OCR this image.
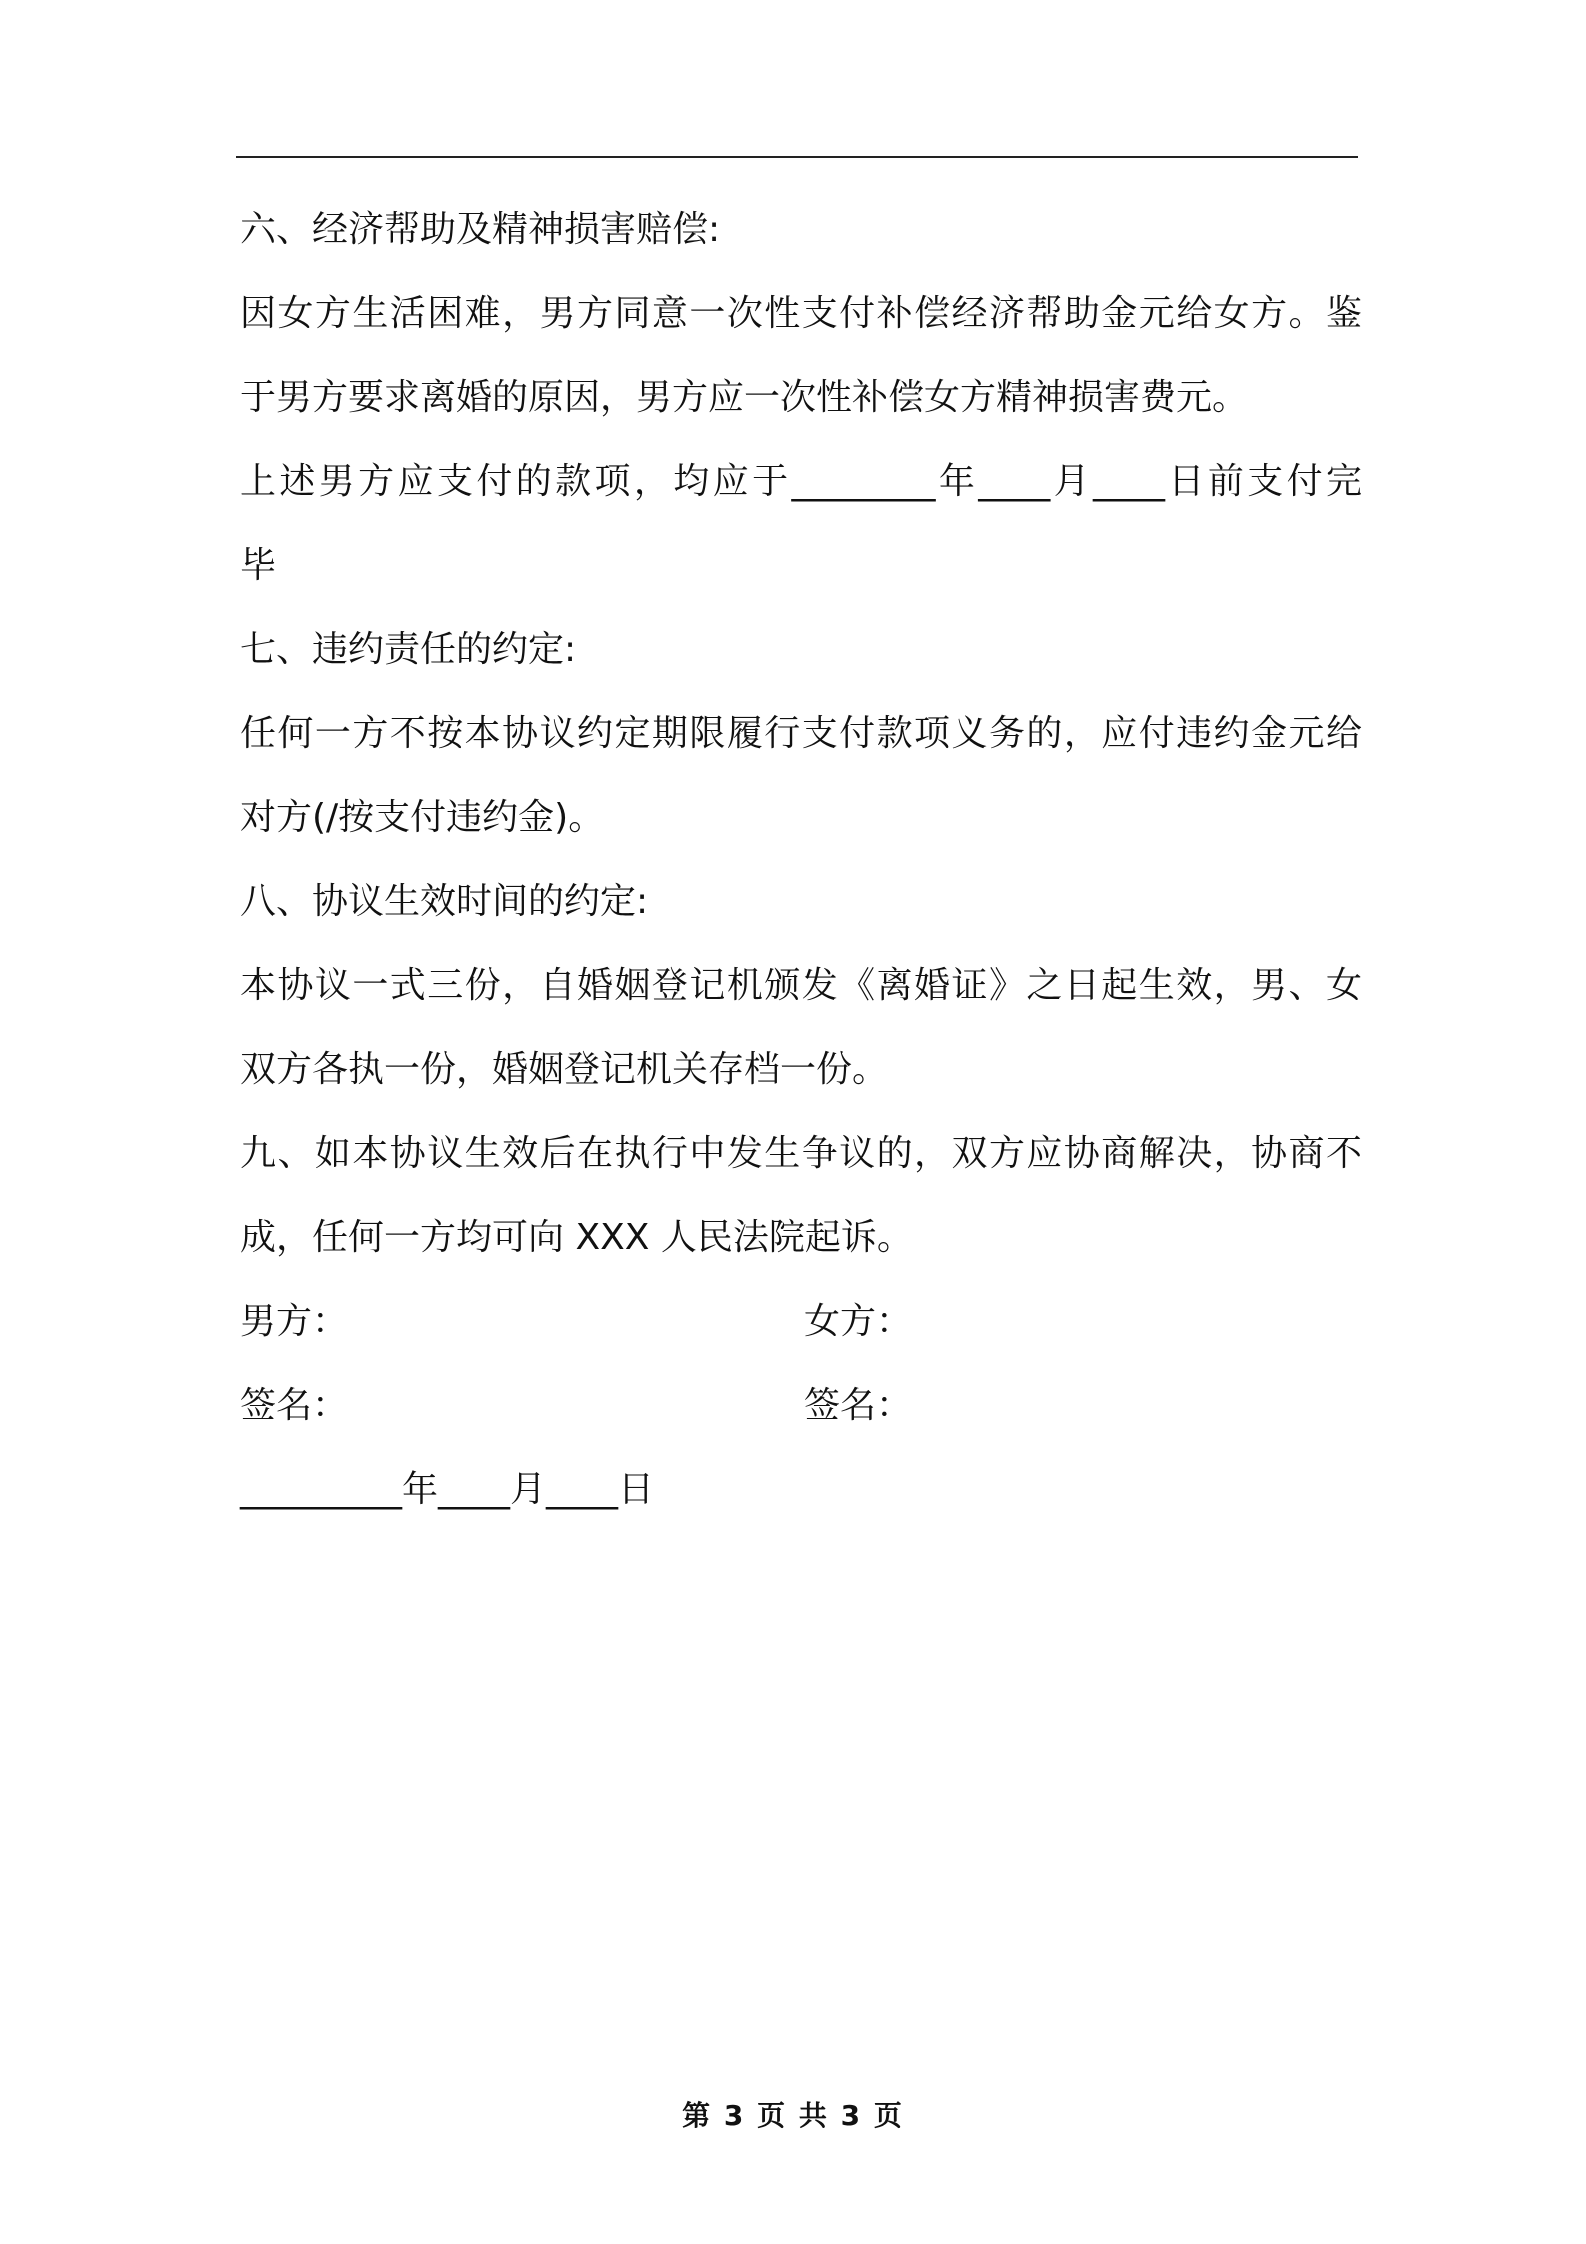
六、经济帮助及精神损害赔偿:
因女方生活困难，男方同意一次性支付补偿经济帮助金元给女方。鉴
于男方要求离婚的原因，男方应一次性补偿女方精神损害费元。
上述男方应支付的款项，均应于________年____月____日前支付完
毕
七、违约责任的约定:
任何一方不按本协议约定期限履行支付款项义务的，应付违约金元给
对方(/按支付违约金)。
八、协议生效时间的约定:
本协议一式三份，自婚姻登记机颁发《离婚证》之日起生效，男、女
双方各执一份，婚姻登记机关存档一份。
九、如本协议生效后在执行中发生争议的，双方应协商解决，协商不
成，任何一方均可向 XXX 人民法院起诉。
男方：	女方：
签名：	签名：
_________年____月____日
第 3 页 共 3 页
